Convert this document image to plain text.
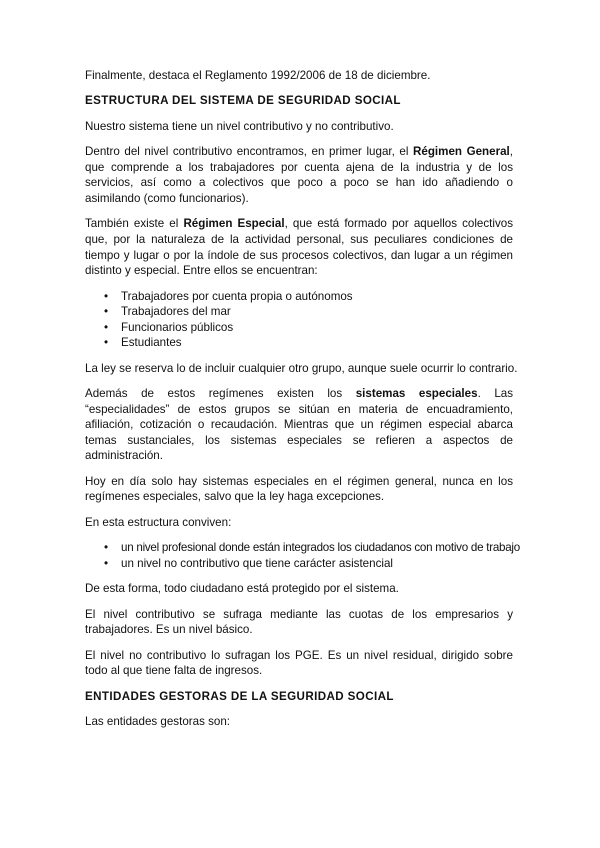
Finalmente, destaca el Reglamento 1992/2006 de 18 de diciembre.

ESTRUCTURA DEL SISTEMA DE SEGURIDAD SOCIAL

Nuestro sistema tiene un nivel contributivo y no contributivo.

Dentro del nivel contributivo encontramos, en primer lugar, el Régimen General, que comprende a los trabajadores por cuenta ajena de la industria y de los servicios, así como a colectivos que poco a poco se han ido añadiendo o asimilando (como funcionarios).

También existe el Régimen Especial, que está formado por aquellos colectivos que, por la naturaleza de la actividad personal, sus peculiares condiciones de tiempo y lugar o por la índole de sus procesos colectivos, dan lugar a un régimen distinto y especial. Entre ellos se encuentran:

• Trabajadores por cuenta propia o autónomos
• Trabajadores del mar
• Funcionarios públicos
• Estudiantes

La ley se reserva lo de incluir cualquier otro grupo, aunque suele ocurrir lo contrario.

Además de estos regímenes existen los sistemas especiales. Las “especialidades” de estos grupos se sitúan en materia de encuadramiento, afiliación, cotización o recaudación. Mientras que un régimen especial abarca temas sustanciales, los sistemas especiales se refieren a aspectos de administración.

Hoy en día solo hay sistemas especiales en el régimen general, nunca en los regímenes especiales, salvo que la ley haga excepciones.

En esta estructura conviven:

• un nivel profesional donde están integrados los ciudadanos con motivo de trabajo
• un nivel no contributivo que tiene carácter asistencial

De esta forma, todo ciudadano está protegido por el sistema.

El nivel contributivo se sufraga mediante las cuotas de los empresarios y trabajadores. Es un nivel básico.

El nivel no contributivo lo sufragan los PGE. Es un nivel residual, dirigido sobre todo al que tiene falta de ingresos.

ENTIDADES GESTORAS DE LA SEGURIDAD SOCIAL

Las entidades gestoras son:
